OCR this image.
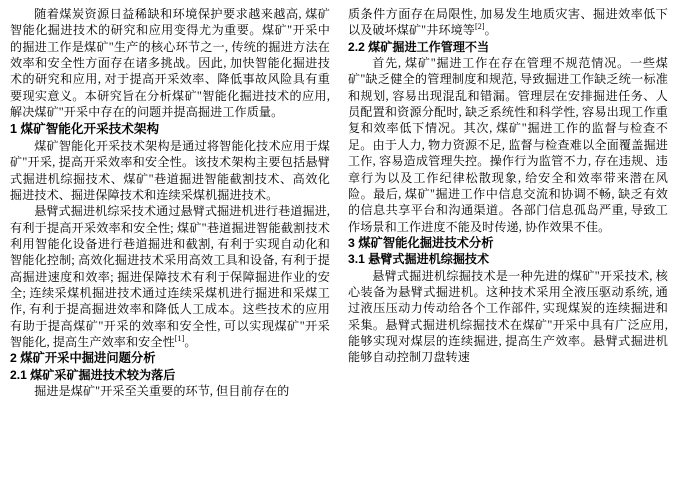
随着煤炭资源日益稀缺和环境保护要求越来越高, 煤矿智能化掘进技术的研究和应用变得尤为重要。煤矿"开采中的掘进工作是煤矿"生产的核心环节之一, 传统的掘进方法在效率和安全性方面存在诸多挑战。因此, 加快智能化掘进技术的研究和应用, 对于提高开采效率、降低事故风险具有重要现实意义。本研究旨在分析煤矿"智能化掘进技术的应用, 解决煤矿"开采中存在的问题并提高掘进工作质量。

1 煤矿智能化开采技术架构

煤矿智能化开采技术架构是通过将智能化技术应用于煤矿"开采, 提高开采效率和安全性。该技术架构主要包括悬臂式掘进机综掘技术、煤矿"巷道掘进智能截割技术、高效化掘进技术、掘进保障技术和连续采煤机掘进技术。

悬臂式掘进机综采技术通过悬臂式掘进机进行巷道掘进, 有利于提高开采效率和安全性; 煤矿"巷道掘进智能截割技术利用智能化设备进行巷道掘进和截割, 有利于实现自动化和智能化控制; 高效化掘进技术采用高效工具和设备, 有利于提高掘进速度和效率; 掘进保障技术有利于保障掘进作业的安全; 连续采煤机掘进技术通过连续采煤机进行掘进和采煤工作, 有利于提高掘进效率和降低人工成本。这些技术的应用有助于提高煤矿"开采的效率和安全性, 可以实现煤矿"开采智能化, 提高生产效率和安全性[1]。

2 煤矿开采中掘进问题分析
2.1 煤矿采矿掘进技术较为落后

掘进是煤矿"开采至关重要的环节, 但目前存在的

质条件方面存在局限性, 加易发生地质灾害、掘进效率低下以及破坏煤矿"井环境等[2]。

2.2 煤矿掘进工作管理不当

首先, 煤矿"掘进工作在存在管理不规范情况。一些煤矿"缺乏健全的管理制度和规范, 导致掘进工作缺乏统一标准和规划, 容易出现混乱和错漏。管理层在安排掘进任务、人员配置和资源分配时, 缺乏系统性和科学性, 容易出现工作重复和效率低下情况。其次, 煤矿"掘进工作的监督与检查不足。由于人力, 物力资源不足, 监督与检查难以全面覆盖掘进工作, 容易造成管理失控。操作行为监管不力, 存在违规、违章行为以及工作纪律松散现象, 给安全和效率带来潜在风险。最后, 煤矿"掘进工作中信息交流和协调不畅, 缺乏有效的信息共享平台和沟通渠道。各部门信息孤岛严重, 导致工作场景和工作进度不能及时传递, 协作效果不佳。

3 煤矿智能化掘进技术分析
3.1 悬臂式掘进机综掘技术

悬臂式掘进机综掘技术是一种先进的煤矿"开采技术, 核心装备为悬臂式掘进机。这种技术采用全液压驱动系统, 通过液压压动力传动给各个工作部件, 实现煤炭的连续掘进和采集。悬臂式掘进机综掘技术在煤矿"开采中具有广泛应用, 能够实现对煤层的连续掘进, 提高生产效率。悬臂式掘进机能够自动控制刀盘转速
